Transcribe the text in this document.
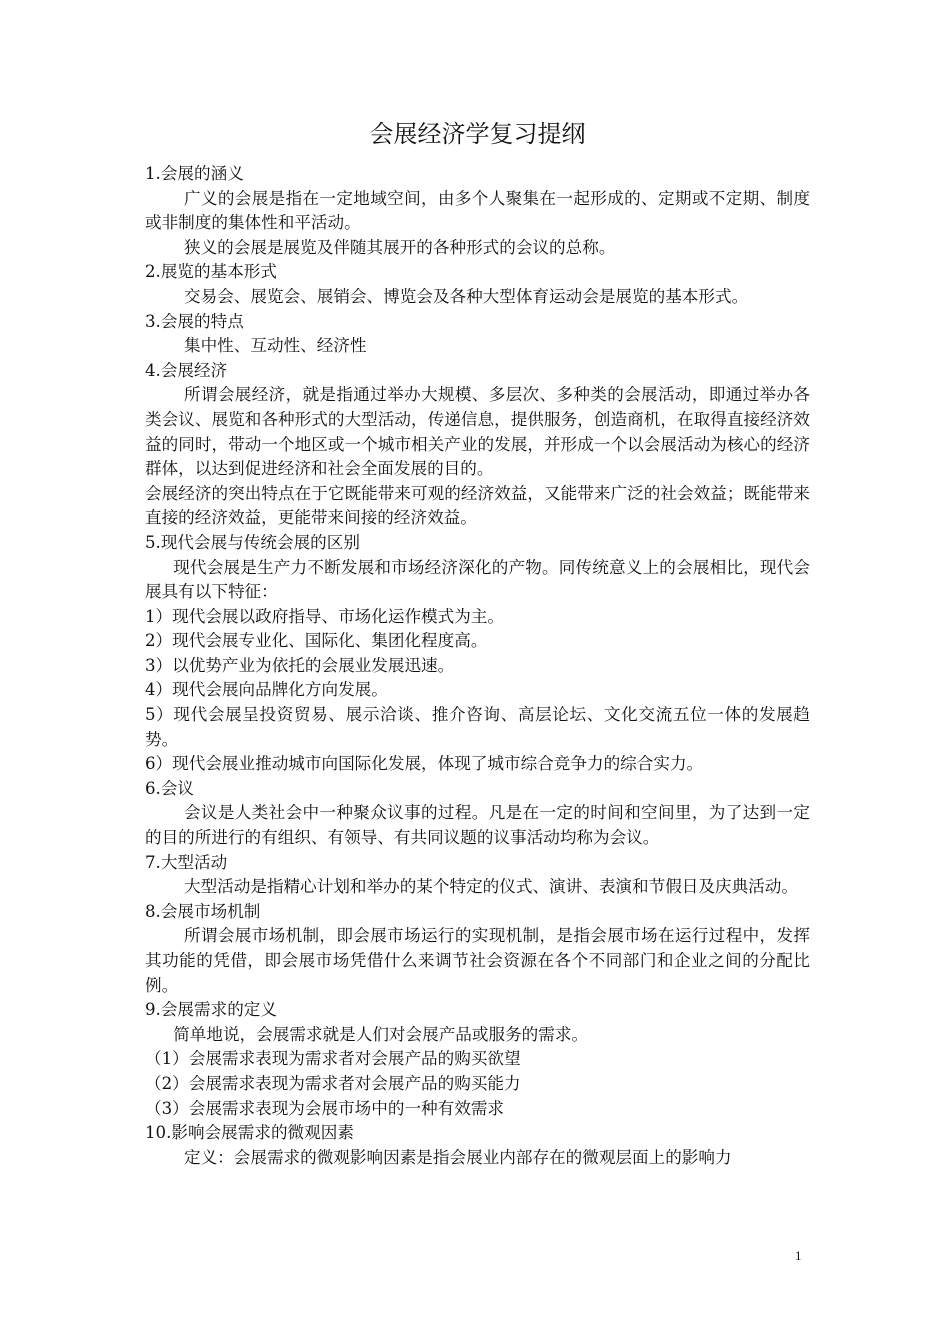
会展经济学复习提纲

1.会展的涵义

广义的会展是指在一定地域空间，由多个人聚集在一起形成的、定期或不定期、制度或非制度的集体性和平活动。

狭义的会展是展览及伴随其展开的各种形式的会议的总称。

2.展览的基本形式

交易会、展览会、展销会、博览会及各种大型体育运动会是展览的基本形式。

3.会展的特点

集中性、互动性、经济性

4.会展经济

所谓会展经济，就是指通过举办大规模、多层次、多种类的会展活动，即通过举办各类会议、展览和各种形式的大型活动，传递信息，提供服务，创造商机，在取得直接经济效益的同时，带动一个地区或一个城市相关产业的发展，并形成一个以会展活动为核心的经济群体，以达到促进经济和社会全面发展的目的。

会展经济的突出特点在于它既能带来可观的经济效益，又能带来广泛的社会效益；既能带来直接的经济效益，更能带来间接的经济效益。

5.现代会展与传统会展的区别

现代会展是生产力不断发展和市场经济深化的产物。同传统意义上的会展相比，现代会展具有以下特征：

1）现代会展以政府指导、市场化运作模式为主。

2）现代会展专业化、国际化、集团化程度高。

3）以优势产业为依托的会展业发展迅速。

4）现代会展向品牌化方向发展。

5）现代会展呈投资贸易、展示洽谈、推介咨询、高层论坛、文化交流五位一体的发展趋势。

6）现代会展业推动城市向国际化发展，体现了城市综合竞争力的综合实力。

6.会议

会议是人类社会中一种聚众议事的过程。凡是在一定的时间和空间里，为了达到一定的目的所进行的有组织、有领导、有共同议题的议事活动均称为会议。

7.大型活动

大型活动是指精心计划和举办的某个特定的仪式、演讲、表演和节假日及庆典活动。

8.会展市场机制

所谓会展市场机制，即会展市场运行的实现机制，是指会展市场在运行过程中，发挥其功能的凭借，即会展市场凭借什么来调节社会资源在各个不同部门和企业之间的分配比例。

9.会展需求的定义

简单地说，会展需求就是人们对会展产品或服务的需求。

（1）会展需求表现为需求者对会展产品的购买欲望

（2）会展需求表现为需求者对会展产品的购买能力

（3）会展需求表现为会展市场中的一种有效需求

10.影响会展需求的微观因素

定义：会展需求的微观影响因素是指会展业内部存在的微观层面上的影响力

1
